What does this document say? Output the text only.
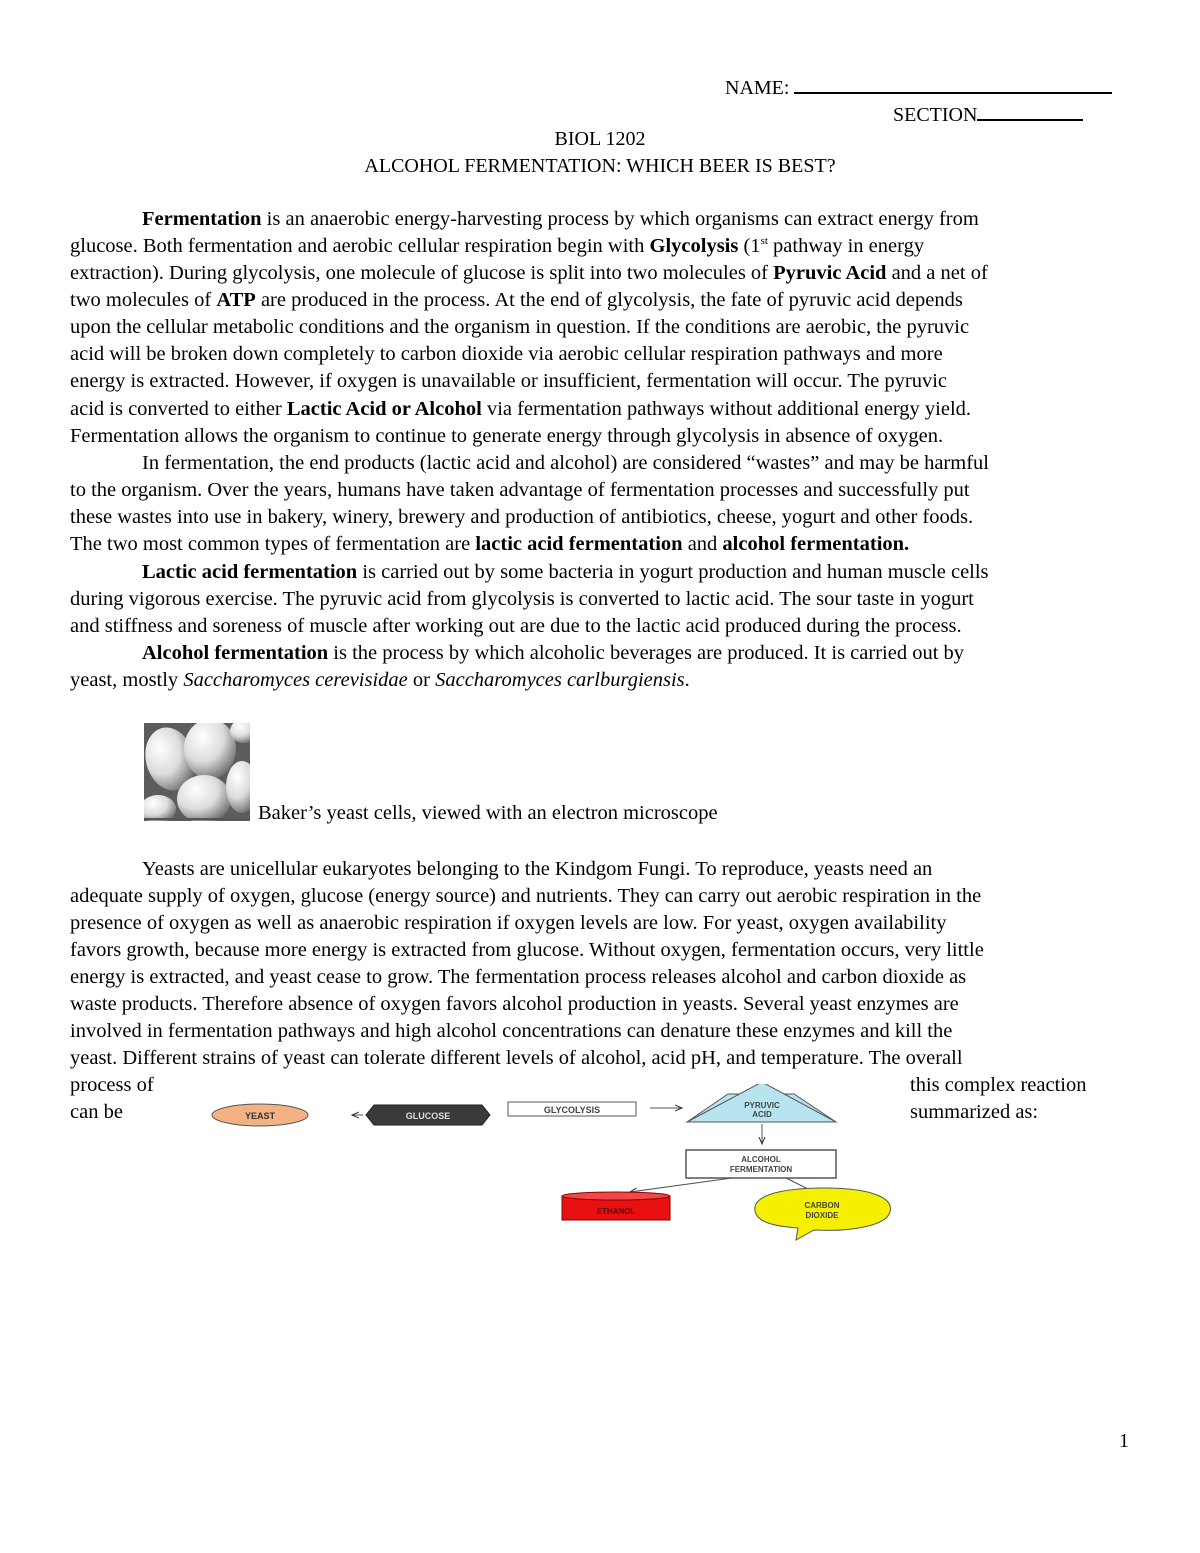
NAME:
SECTION
BIOL 1202
ALCOHOL FERMENTATION: WHICH BEER IS BEST?
Fermentation is an anaerobic energy-harvesting process by which organisms can extract energy from
glucose. Both fermentation and aerobic cellular respiration begin with Glycolysis (1st pathway in energy
extraction). During glycolysis, one molecule of glucose is split into two molecules of Pyruvic Acid and a net of
two molecules of ATP are produced in the process. At the end of glycolysis, the fate of pyruvic acid depends
upon the cellular metabolic conditions and the organism in question. If the conditions are aerobic, the pyruvic
acid will be broken down completely to carbon dioxide via aerobic cellular respiration pathways and more
energy is extracted. However, if oxygen is unavailable or insufficient, fermentation will occur. The pyruvic
acid is converted to either Lactic Acid or Alcohol via fermentation pathways without additional energy yield.
Fermentation allows the organism to continue to generate energy through glycolysis in absence of oxygen.
In fermentation, the end products (lactic acid and alcohol) are considered “wastes” and may be harmful
to the organism. Over the years, humans have taken advantage of fermentation processes and successfully put
these wastes into use in bakery, winery, brewery and production of antibiotics, cheese, yogurt and other foods.
The two most common types of fermentation are lactic acid fermentation and alcohol fermentation.
Lactic acid fermentation is carried out by some bacteria in yogurt production and human muscle cells
during vigorous exercise. The pyruvic acid from glycolysis is converted to lactic acid. The sour taste in yogurt
and stiffness and soreness of muscle after working out are due to the lactic acid produced during the process.
Alcohol fermentation is the process by which alcoholic beverages are produced. It is carried out by
yeast, mostly Saccharomyces cerevisidae or Saccharomyces carlburgiensis.
Baker’s yeast cells, viewed with an electron microscope
Yeasts are unicellular eukaryotes belonging to the Kindgom Fungi. To reproduce, yeasts need an
adequate supply of oxygen, glucose (energy source) and nutrients. They can carry out aerobic respiration in the
presence of oxygen as well as anaerobic respiration if oxygen levels are low. For yeast, oxygen availability
favors growth, because more energy is extracted from glucose. Without oxygen, fermentation occurs, very little
energy is extracted, and yeast cease to grow. The fermentation process releases alcohol and carbon dioxide as
waste products. Therefore absence of oxygen favors alcohol production in yeasts. Several yeast enzymes are
involved in fermentation pathways and high alcohol concentrations can denature these enzymes and kill the
yeast. Different strains of yeast can tolerate different levels of alcohol, acid pH, and temperature. The overall
process of	this complex reaction
can be	summarized as:
YEAST	GLUCOSE
GLYCOLYSIS	PYRUVIC
ACID
ALCOHOL
FERMENTATION
ETHANOL
CARBON
DIOXIDE
1
